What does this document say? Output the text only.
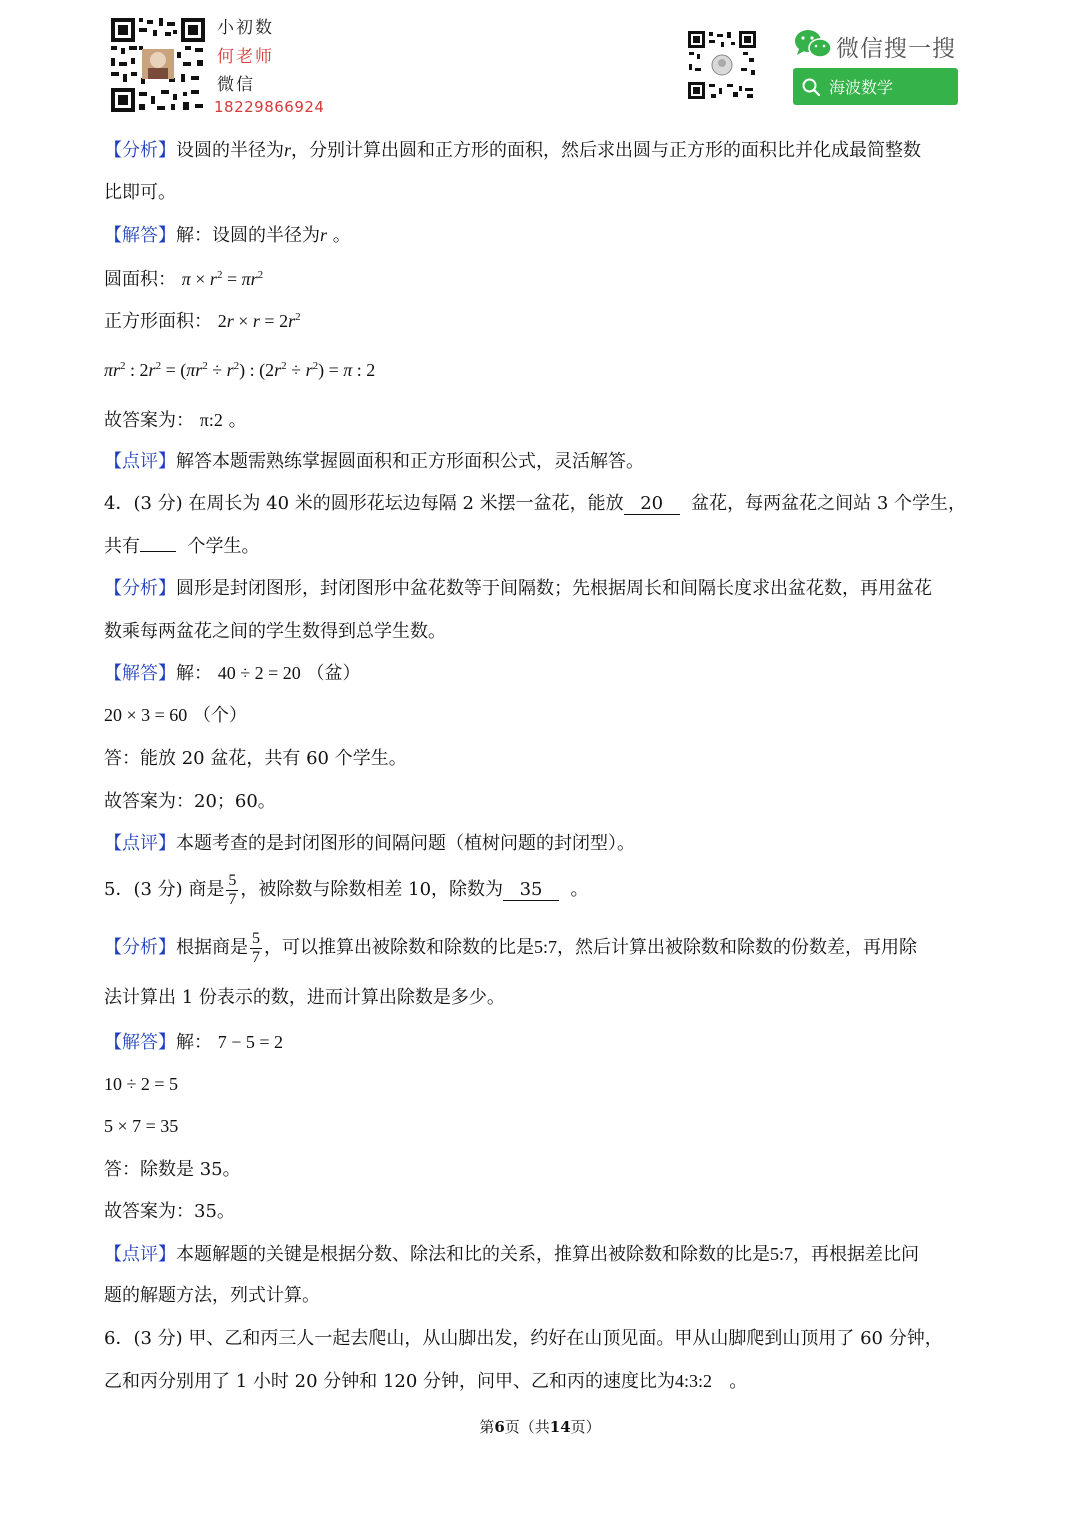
小初数
何老师
微信
18229866924
微信搜一搜
海波数学
【分析】设圆的半径为r，分别计算出圆和正方形的面积，然后求出圆与正方形的面积比并化成最简整数
比即可。
【解答】解：设圆的半径为r 。
圆面积： $\pi \times r^2 = \pi r^2$
正方形面积： $2r \times r = 2r^2$
$\pi r^2$ : $2r^2 = (\pi r^2 \div r^2)$ : $(2r^2 \div r^2) = \pi$ : 2
故答案为： π:2 。
【点评】解答本题需熟练掌握圆面积和正方形面积公式，灵活解答。
4．(3 分) 在周长为 40 米的圆形花坛边每隔 2 米摆一盆花，能放 20 盆花，每两盆花之间站 3 个学生，
共有	个学生。
【分析】圆形是封闭图形，封闭图形中盆花数等于间隔数；先根据周长和间隔长度求出盆花数，再用盆花
数乘每两盆花之间的学生数得到总学生数。
【解答】解： 40 ÷ 2 = 20 （盆）
20 × 3 = 60 （个）
答：能放 20 盆花，共有 60 个学生。
故答案为：20；60。
【点评】本题考查的是封闭图形的间隔问题（植树问题的封闭型）。
5．(3 分) 商是 $\frac{5}{7}$ ，被除数与除数相差 10，除数为 35 。
【分析】根据商是 $\frac{5}{7}$ ，可以推算出被除数和除数的比是5:7，然后计算出被除数和除数的份数差，再用除
法计算出 1 份表示的数，进而计算出除数是多少。
【解答】解： 7 − 5 = 2
10 ÷ 2 = 5
5 × 7 = 35
答：除数是 35。
故答案为：35。
【点评】本题解题的关键是根据分数、除法和比的关系，推算出被除数和除数的比是5:7，再根据差比问
题的解题方法，列式计算。
6．(3 分) 甲、乙和丙三人一起去爬山，从山脚出发，约好在山顶见面。甲从山脚爬到山顶用了 60 分钟，
乙和丙分别用了 1 小时 20 分钟和 120 分钟，问甲、乙和丙的速度比为4:3:2 。
第6页（共14页）
